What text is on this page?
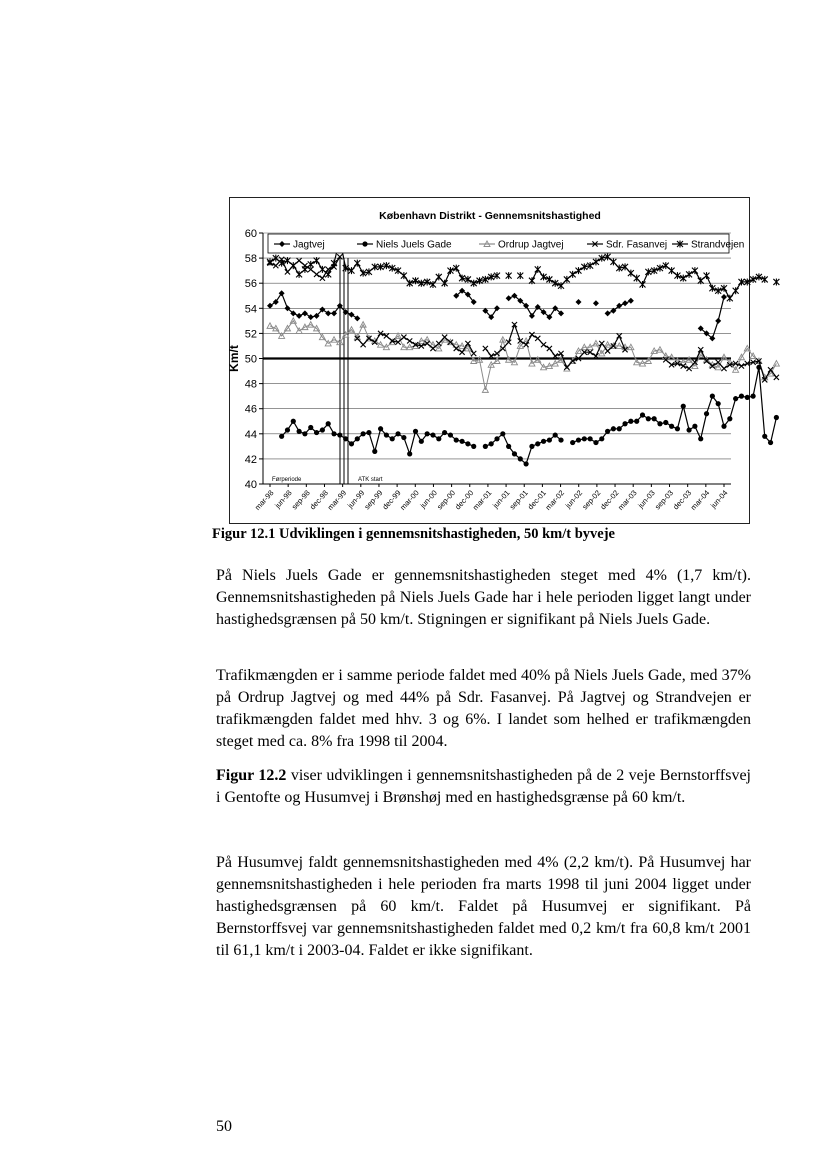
København Distrikt - Gennemsnitshastighed
40
42
44
46
48
50
52
54
56
58
60
Km/t
Førperiode	ATK start
mar-98
jun-98
sep-98
dec-98
mar-99
jun-99
sep-99
dec-99
mar-00
jun-00
sep-00
dec-00
mar-01
jun-01
sep-01
dec-01
mar-02
jun-02
sep-02
dec-02
mar-03
jun-03
sep-03
dec-03
mar-04
jun-04
Jagtvej	Niels Juels Gade	Ordrup Jagtvej	Sdr. Fasanvej Strandvejen
Figur 12.1 Udviklingen i gennemsnitshastigheden, 50 km/t byveje

På Niels Juels Gade er gennemsnitshastigheden steget med 4% (1,7 km/t). Gennemsnitshastigheden på Niels Juels Gade har i hele perioden ligget langt under hastighedsgrænsen på 50 km/t. Stigningen er signifikant på Niels Juels Gade.

Trafikmængden er i samme periode faldet med 40% på Niels Juels Gade, med 37% på Ordrup Jagtvej og med 44% på Sdr. Fasanvej. På Jagtvej og Strandvejen er trafikmængden faldet med hhv. 3 og 6%. I landet som helhed er trafikmængden steget med ca. 8% fra 1998 til 2004.

Figur 12.2 viser udviklingen i gennemsnitshastigheden på de 2 veje Bernstorffsvej i Gentofte og Husumvej i Brønshøj med en hastighedsgrænse på 60 km/t.

På Husumvej faldt gennemsnitshastigheden med 4% (2,2 km/t). På Husumvej har gennemsnitshastigheden i hele perioden fra marts 1998 til juni 2004 ligget under hastighedsgrænsen på 60 km/t. Faldet på Husumvej er signifikant. På Bernstorffsvej var gennemsnitshastigheden faldet med 0,2 km/t fra 60,8 km/t 2001 til 61,1 km/t i 2003-04. Faldet er ikke signifikant.

50
